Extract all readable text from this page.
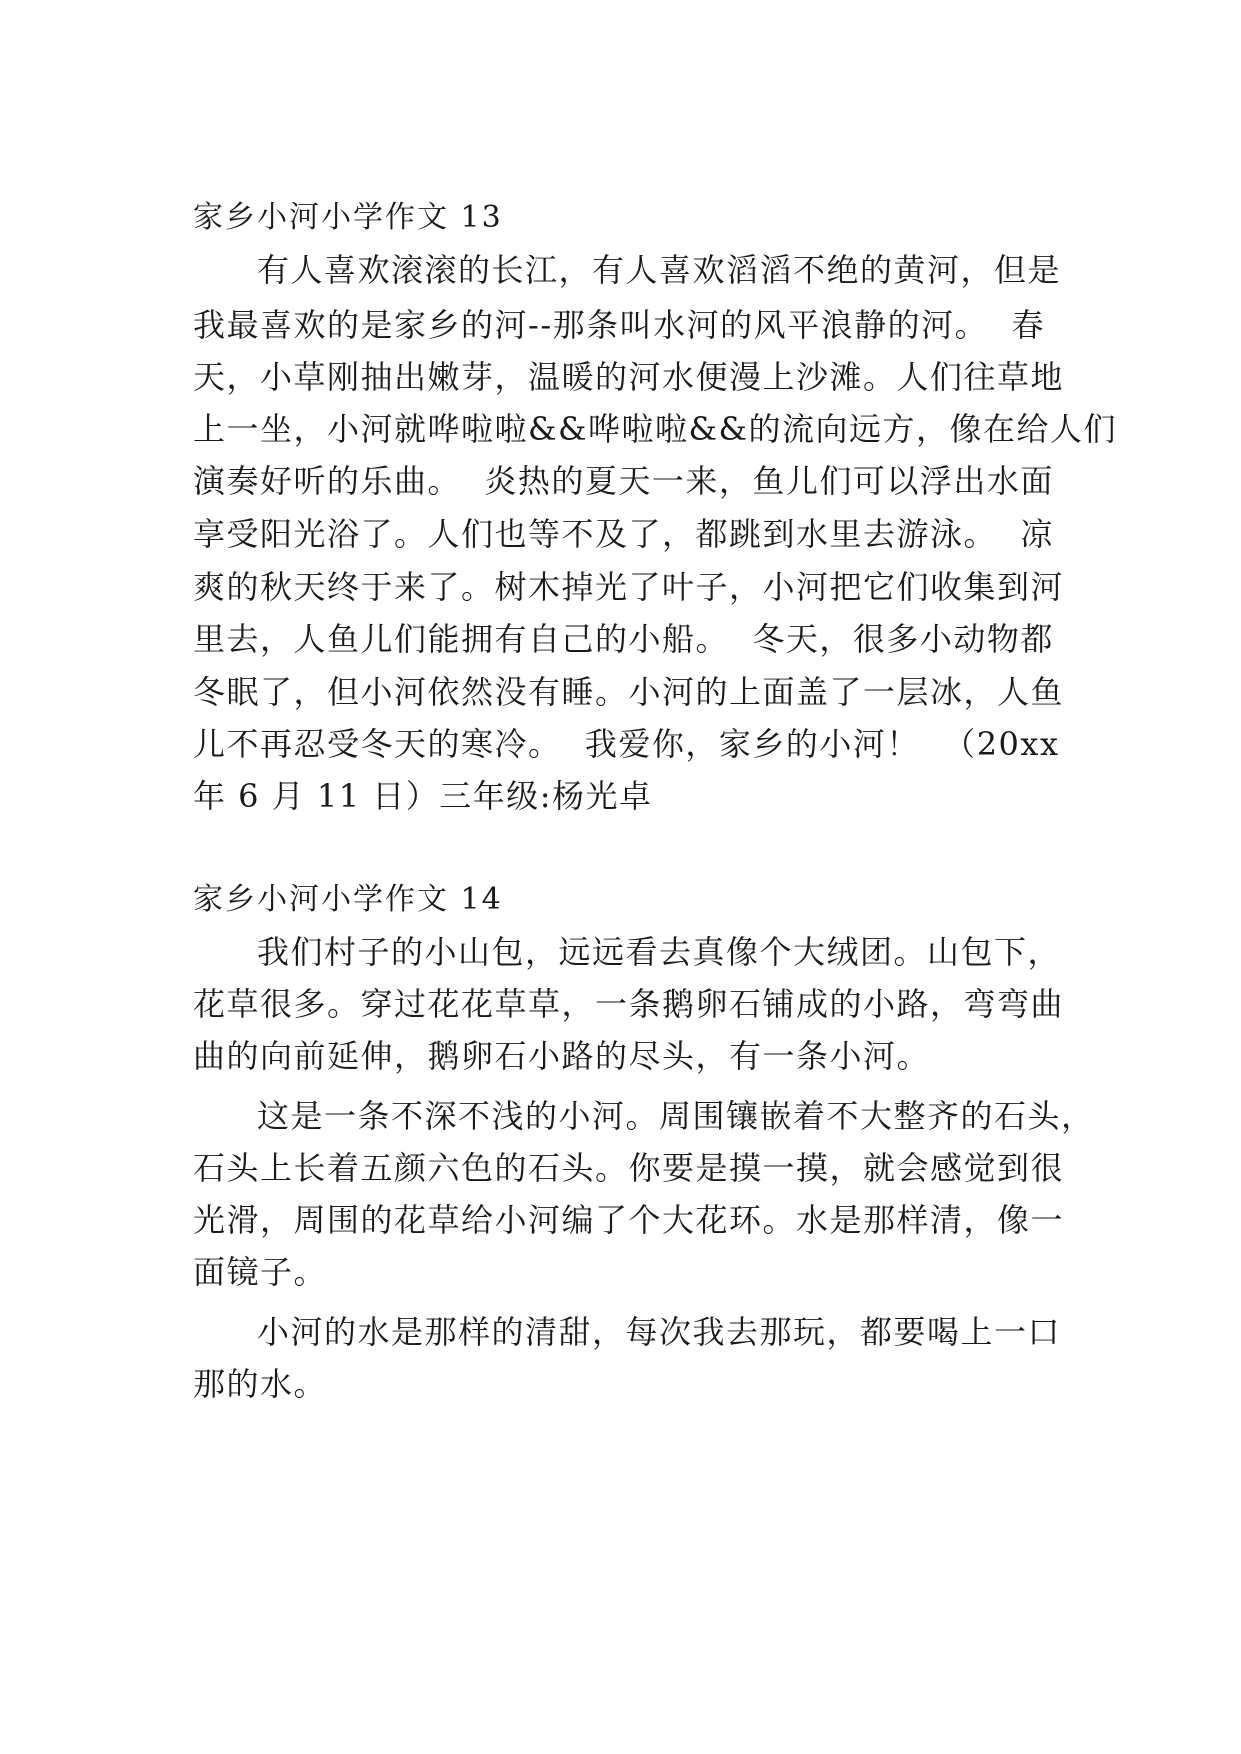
家乡小河小学作文 13
有人喜欢滚滚的长江，有人喜欢滔滔不绝的黄河，但是
我最喜欢的是家乡的河--那条叫水河的风平浪静的河。  春
天，小草刚抽出嫩芽，温暖的河水便漫上沙滩。人们往草地
上一坐，小河就哗啦啦&&哗啦啦&&的流向远方，像在给人们
演奏好听的乐曲。  炎热的夏天一来，鱼儿们可以浮出水面
享受阳光浴了。人们也等不及了，都跳到水里去游泳。  凉
爽的秋天终于来了。树木掉光了叶子，小河把它们收集到河
里去，人鱼儿们能拥有自己的小船。  冬天，很多小动物都
冬眠了，但小河依然没有睡。小河的上面盖了一层冰，人鱼
儿不再忍受冬天的寒冷。  我爱你，家乡的小河！  （20xx
年 6 月 11 日）三年级:杨光卓
家乡小河小学作文 14
我们村子的小山包，远远看去真像个大绒团。山包下，
花草很多。穿过花花草草，一条鹅卵石铺成的小路，弯弯曲
曲的向前延伸，鹅卵石小路的尽头，有一条小河。
这是一条不深不浅的小河。周围镶嵌着不大整齐的石头，
石头上长着五颜六色的石头。你要是摸一摸，就会感觉到很
光滑，周围的花草给小河编了个大花环。水是那样清，像一
面镜子。
小河的水是那样的清甜，每次我去那玩，都要喝上一口
那的水。
